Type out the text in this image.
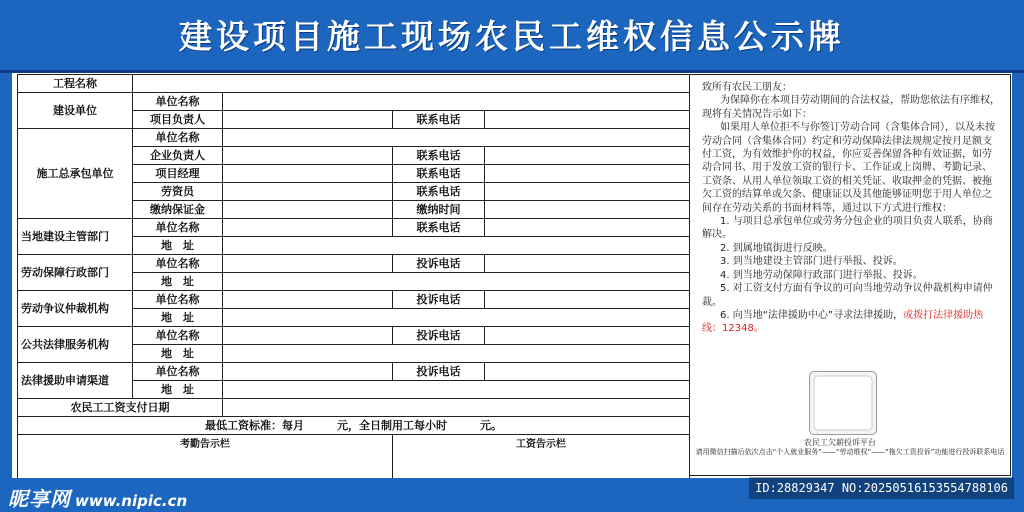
建设项目施工现场农民工维权信息公示牌
工程名称				
建设单位	单位名称			
	项目负责人		联系电话	
施工总承包单位	单位名称			
	企业负责人		联系电话	
	项目经理		联系电话	
	劳资员		联系电话	
	缴纳保证金		缴纳时间	
当地建设主管部门	单位名称		联系电话	
	地　址			
劳动保障行政部门	单位名称		投诉电话	
	地　址			
劳动争议仲裁机构	单位名称		投诉电话	
	地　址			
公共法律服务机构	单位名称		投诉电话	
	地　址			
法律援助申请渠道	单位名称		投诉电话	
	地　址			
农民工工资支付日期				
最低工资标准：每月　　　元，全日制用工每小时　　　元。				
考勤告示栏			工资告示栏	

致所有农民工朋友：

为保障你在本项目劳动期间的合法权益，帮助您依法有序维权，现将有关情况告示如下：

如果用人单位拒不与你签订劳动合同（含集体合同），以及未按劳动合同（含集体合同）约定和劳动保障法律法规规定按月足额支付工资，为有效维护你的权益，你应妥善保留各种有效证据，如劳动合同书、用于发放工资的银行卡、工作证或上岗牌、考勤记录、工资条、从用人单位领取工资的相关凭证、收取押金的凭据、被拖欠工资的结算单或欠条、健康证以及其他能够证明您于用人单位之间存在劳动关系的书面材料等，通过以下方式进行维权：

1. 与项目总承包单位或劳务分包企业的项目负责人联系，协商解决。

2. 到属地镇街进行反映。

3. 到当地建设主管部门进行举报、投诉。

4. 到当地劳动保障行政部门进行举报、投诉。

5. 对工资支付方面有争议的可向当地劳动争议仲裁机构申请仲裁。

6. 向当地“法律援助中心”寻求法律援助，或拨打法律援助热线：12348。

农民工欠薪投诉平台
请用微信扫描后依次点击“个人就业服务”——“劳动维权”——“拖欠工资投诉”功能进行投诉联系电话
昵享网 www.nipic.cn
ID:28829347 NO:20250516153554788106
